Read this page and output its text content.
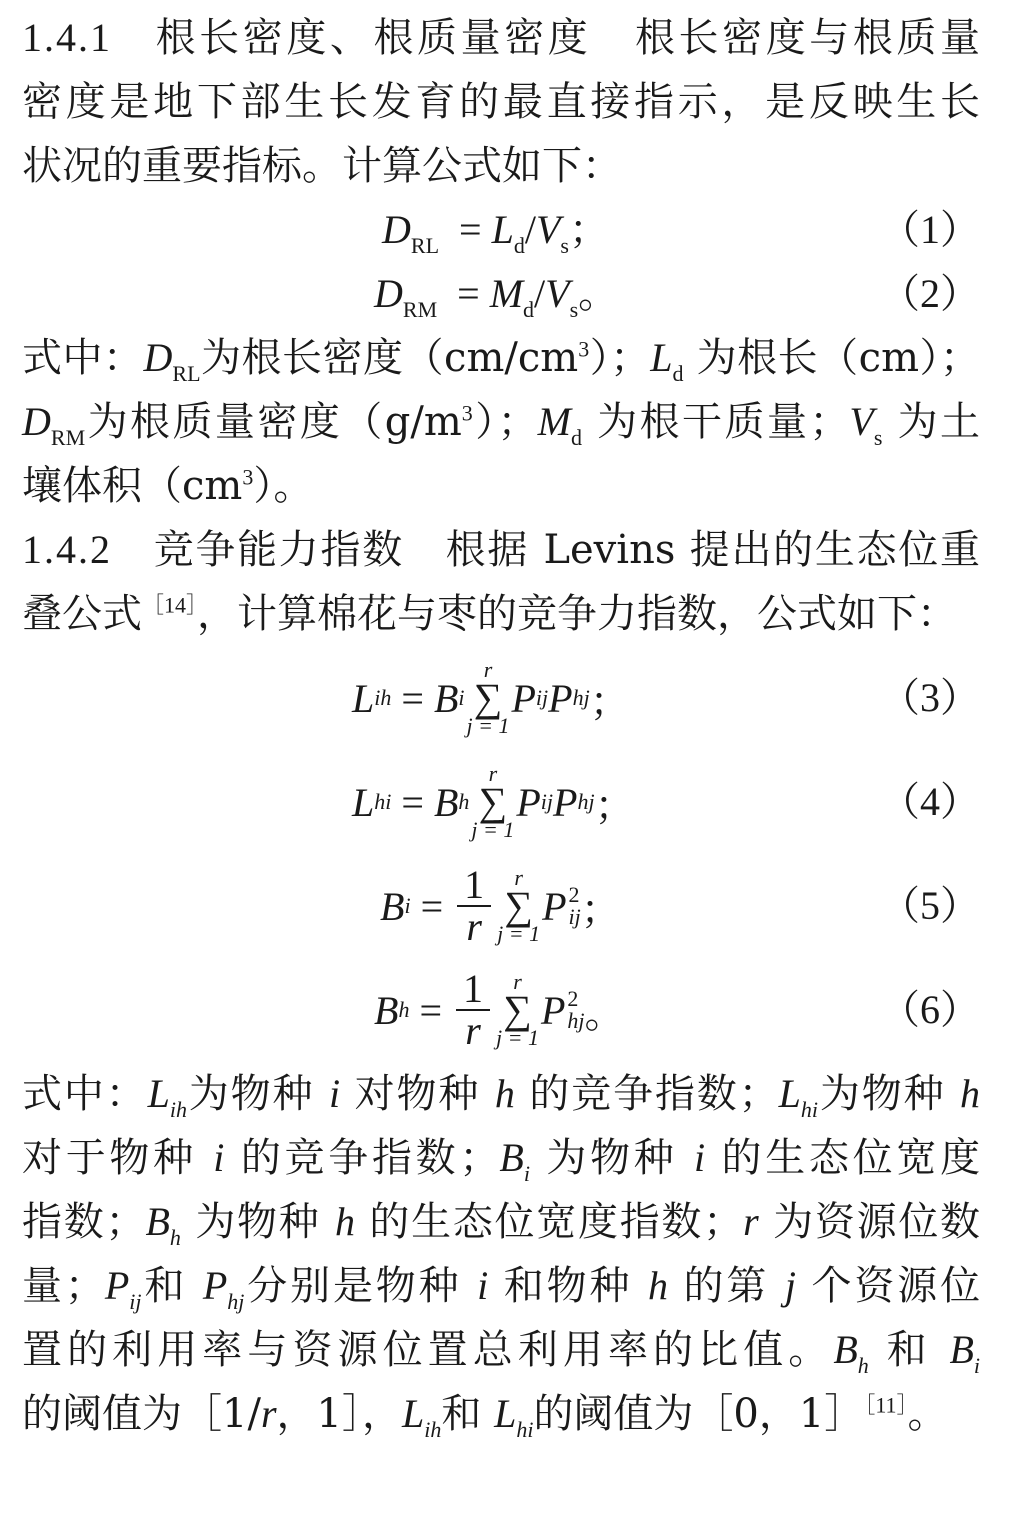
1.4.1 根长密度、根质量密度 根长密度与根质量
密度是地下部生长发育的最直接指示，是反映生长
状况的重要指标。计算公式如下：
$D_{RL} = L_d/V_s$；	（1）
$D_{RM} = M_d/V_s$。	（2）
式中：$D_{RL}$为根长密度$(cm/cm^3)$；$L_d$ 为根长（cm）；
$D_{RM}$为根质量密度$(g/m^3)$；$M_d$ 为根干质量；$V_s$ 为土
壤体积$(cm^3)$。
1.4.2 竞争能力指数 根据 Levins 提出的生态位重
叠公式$^{[14]}$，计算棉花与枣的竞争力指数，公式如下：
L ih = B i
r
∑
j = 1
P ij P hj ；	（3）
L hi = B h
r
∑
j = 1
P ij P hj ；	（4）
B $i = \frac{1}{r}$ r
∑
j = 1
P 2
ij ；	（5）
B $h = \frac{1}{r}$ r
∑
j = 1
P 2
hj 。	（6）
式中：$L_{ih}$为物种 i 对物种 h 的竞争指数；$L_{hi}$为物种 h
对于物种 i 的竞争指数；$B_i$ 为物种 i 的生态位宽度
指数；$B_h$ 为物种 h 的生态位宽度指数；r 为资源位数
量；$P_{ij}$和 $P_{hj}$分别是物种 i 和物种 h 的第 j 个资源位
置的利用率与资源位置总利用率的比值。$B_h$ 和 $B_i$
的阈值为［1/r，1］，$L_{ih}$和 $L_{hi}$的阈值为［0，1］$^{[11]}$。
